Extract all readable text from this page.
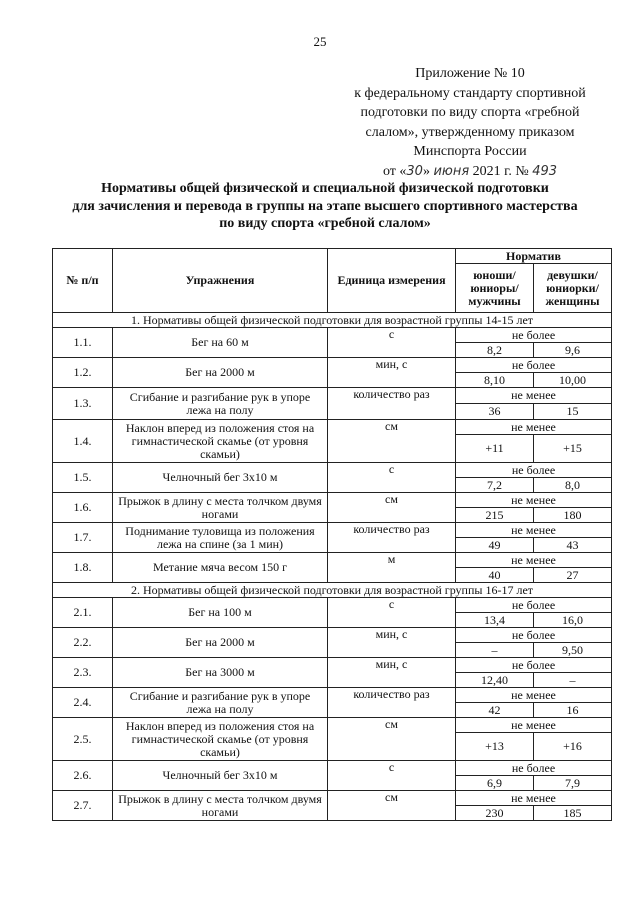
25
Приложение № 10
к федеральному стандарту спортивной
подготовки по виду спорта «гребной
слалом», утвержденному приказом
Минспорта России
от «30» июня 2021 г. № 493
Нормативы общей физической и специальной физической подготовки
для зачисления и перевода в группы на этапе высшего спортивного мастерства
по виду спорта «гребной слалом»
№ п/п	Упражнения	Единица измерения	Норматив	
			юноши/ юниоры/ мужчины	девушки/ юниорки/ женщины
1. Нормативы общей физической подготовки для возрастной группы 14-15 лет				
1.1.	Бег на 60 м	с	не более	
			8,2	9,6
1.2.	Бег на 2000 м	мин, с	не более	
			8,10	10,00
1.3.	Сгибание и разгибание рук в упоре лежа на полу	количество раз	не менее	
			36	15
1.4.	Наклон вперед из положения стоя на гимнастической скамье (от уровня скамьи)	см	не менее	
			+11	+15
1.5.	Челночный бег 3x10 м	с	не более	
			7,2	8,0
1.6.	Прыжок в длину с места толчком двумя ногами	см	не менее	
			215	180
1.7.	Поднимание туловища из положения лежа на спине (за 1 мин)	количество раз	не менее	
			49	43
1.8.	Метание мяча весом 150 г	м	не менее	
			40	27
2. Нормативы общей физической подготовки для возрастной группы 16-17 лет				
2.1.	Бег на 100 м	с	не более	
			13,4	16,0
2.2.	Бег на 2000 м	мин, с	не более	
			–	9,50
2.3.	Бег на 3000 м	мин, с	не более	
			12,40	–
2.4.	Сгибание и разгибание рук в упоре лежа на полу	количество раз	не менее	
			42	16
2.5.	Наклон вперед из положения стоя на гимнастической скамье (от уровня скамьи)	см	не менее	
			+13	+16
2.6.	Челночный бег 3x10 м	с	не более	
			6,9	7,9
2.7.	Прыжок в длину с места толчком двумя ногами	см	не менее	
			230	185
